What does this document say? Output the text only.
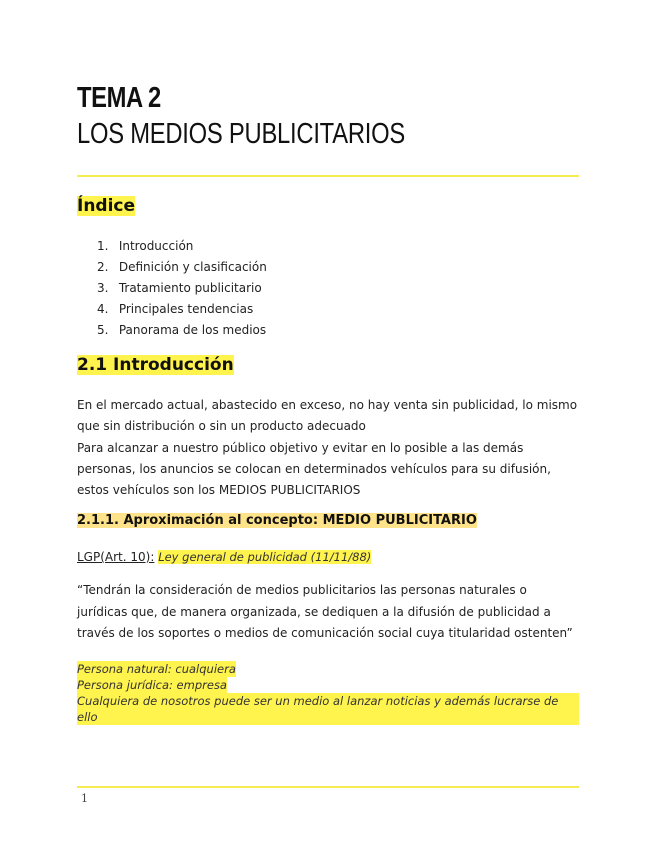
TEMA 2
LOS MEDIOS PUBLICITARIOS
Índice
1. Introducción
2. Definición y clasificación
3. Tratamiento publicitario
4. Principales tendencias
5. Panorama de los medios
2.1 Introducción
En el mercado actual, abastecido en exceso, no hay venta sin publicidad, lo mismo que sin distribución o sin un producto adecuado
Para alcanzar a nuestro público objetivo y evitar en lo posible a las demás personas, los anuncios se colocan en determinados vehículos para su difusión, estos vehículos son los MEDIOS PUBLICITARIOS
2.1.1. Aproximación al concepto: MEDIO PUBLICITARIO
LGP(Art. 10): Ley general de publicidad (11/11/88)
“Tendrán la consideración de medios publicitarios las personas naturales o jurídicas que, de manera organizada, se dediquen a la difusión de publicidad a través de los soportes o medios de comunicación social cuya titularidad ostenten”
Persona natural: cualquiera
Persona jurídica: empresa
Cualquiera de nosotros puede ser un medio al lanzar noticias y además lucrarse de ello
1
